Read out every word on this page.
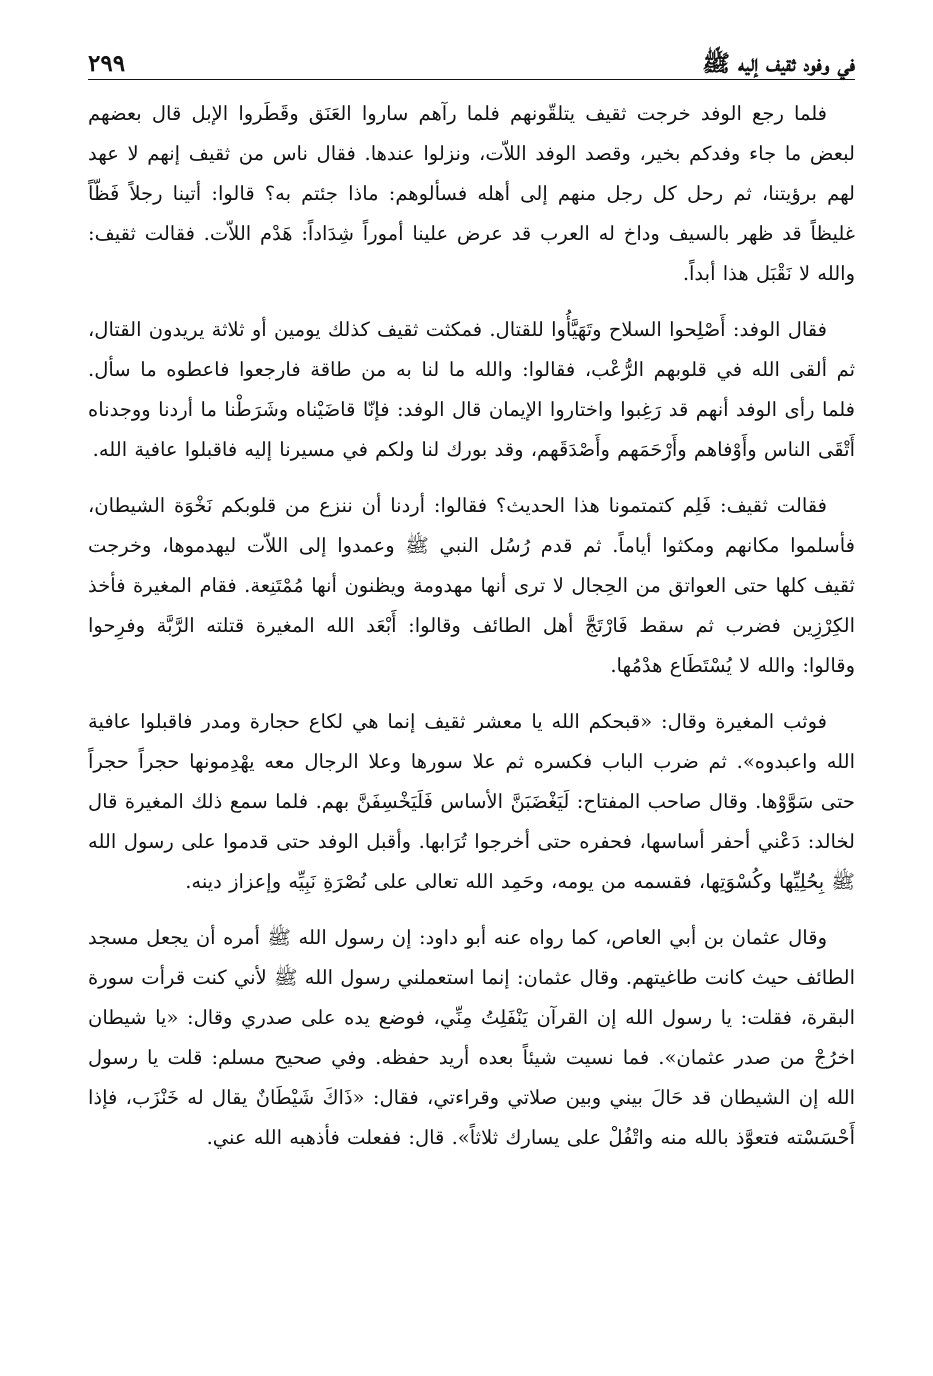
في وفود ثقيف إليه ﷺ
٢٩٩

فلما رجع الوفد خرجت ثقيف يتلقّونهم فلما رآهم ساروا العَنَق وقَطَروا الإبل قال بعضهم لبعض ما جاء وفدكم بخير، وقصد الوفد اللاّت، ونزلوا عندها. فقال ناس من ثقيف إنهم لا عهد لهم برؤيتنا، ثم رحل كل رجل منهم إلى أهله فسألوهم: ماذا جئتم به؟ قالوا: أتينا رجلاً فَظّاً غليظاً قد ظهر بالسيف وداخ له العرب قد عرض علينا أموراً شِدَاداً: هَدْم اللاّت. فقالت ثقيف: والله لا نَقْبَل هذا أبداً.

فقال الوفد: أَصْلِحوا السلاح وتَهَيَّأُوا للقتال. فمكثت ثقيف كذلك يومين أو ثلاثة يريدون القتال، ثم ألقى الله في قلوبهم الرُّعْب، فقالوا: والله ما لنا به من طاقة فارجعوا فاعطوه ما سأل. فلما رأى الوفد أنهم قد رَغِبوا واختاروا الإيمان قال الوفد: فإنّا قاضَيْناه وشَرَطْنا ما أردنا ووجدناه أَتْقَى الناس وأَوْفاهم وأَرْحَمَهم وأَصْدَقَهم، وقد بورك لنا ولكم في مسيرنا إليه فاقبلوا عافية الله.

فقالت ثقيف: فَلِم كتمتمونا هذا الحديث؟ فقالوا: أردنا أن ننزع من قلوبكم نَخْوَة الشيطان، فأسلموا مكانهم ومكثوا أياماً. ثم قدم رُسُل النبي ﷺ وعمدوا إلى اللاّت ليهدموها، وخرجت ثقيف كلها حتى العواتق من الحِجال لا ترى أنها مهدومة ويظنون أنها مُمْتَنِعة. فقام المغيرة فأخذ الكِرْزِين فضرب ثم سقط فَارْتَجَّ أهل الطائف وقالوا: أَبْعَد الله المغيرة قتلته الرَّبَّة وفرِحوا وقالوا: والله لا يُسْتَطَاع هدْمُها.

فوثب المغيرة وقال: «قبحكم الله يا معشر ثقيف إنما هي لكاع حجارة ومدر فاقبلوا عافية الله واعبدوه». ثم ضرب الباب فكسره ثم علا سورها وعلا الرجال معه يهْدِمونها حجراً حجراً حتى سَوَّوْها. وقال صاحب المفتاح: لَيَغْضَبَنَّ الأساس فَلَيَخْسِفَنَّ بهم. فلما سمع ذلك المغيرة قال لخالد: دَعْني أحفر أساسها، فحفره حتى أخرجوا تُرَابها. وأقبل الوفد حتى قدموا على رسول الله ﷺ بِحُلِيِّها وكُسْوَتِها، فقسمه من يومه، وحَمِد الله تعالى على نُصْرَةِ نَبِيِّه وإعزاز دينه.

وقال عثمان بن أبي العاص، كما رواه عنه أبو داود: إن رسول الله ﷺ أمره أن يجعل مسجد الطائف حيث كانت طاغيتهم. وقال عثمان: إنما استعملني رسول الله ﷺ لأني كنت قرأت سورة البقرة، فقلت: يا رسول الله إن القرآن يَنْفَلِتُ مِنِّي، فوضع يده على صدري وقال: «يا شيطان اخرُجْ من صدر عثمان». فما نسيت شيئاً بعده أريد حفظه. وفي صحيح مسلم: قلت يا رسول الله إن الشيطان قد حَالَ بيني وبين صلاتي وقراءتي، فقال: «ذَاكَ شَيْطَانٌ يقال له خَنْزَب، فإذا أَحْسَسْته فتعوَّذ بالله منه واتْفُلْ على يسارك ثلاثاً». قال: ففعلت فأذهبه الله عني.
